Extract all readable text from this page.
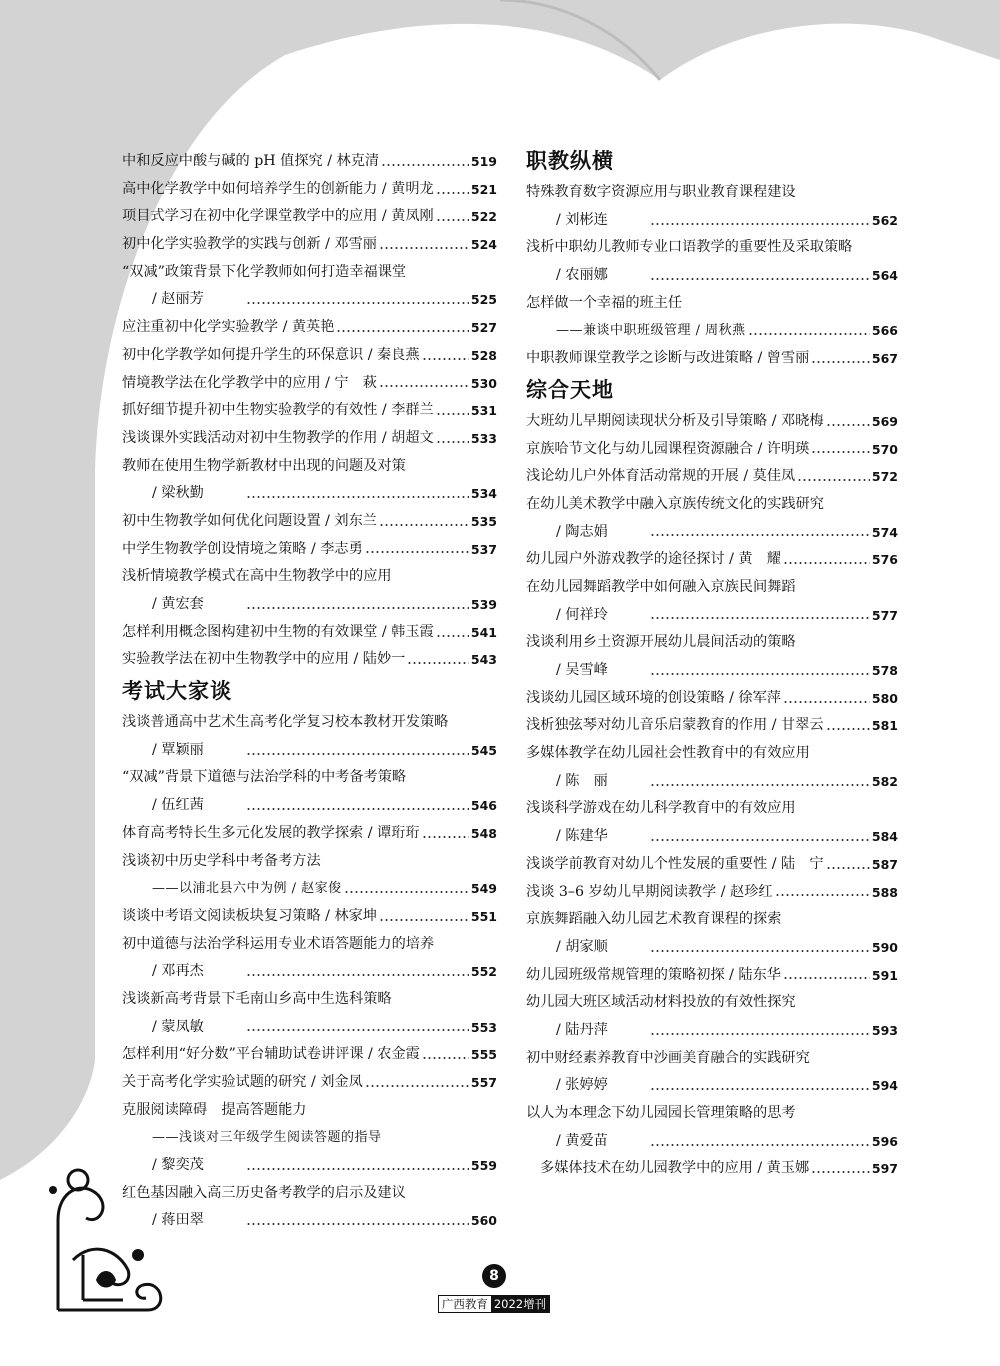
中和反应中酸与碱的 pH 值探究 / 林克清	519
高中化学教学中如何培养学生的创新能力 / 黄明龙	521
项目式学习在初中化学课堂教学中的应用 / 黄凤刚	522
初中化学实验教学的实践与创新 / 邓雪丽	524
“双减”政策背景下化学教师如何打造幸福课堂
/ 赵丽芳	525
应注重初中化学实验教学 / 黄英艳	527
初中化学教学如何提升学生的环保意识 / 秦良燕	528
情境教学法在化学教学中的应用 / 宁　萩	530
抓好细节提升初中生物实验教学的有效性 / 李群兰	531
浅谈课外实践活动对初中生物教学的作用 / 胡超文	533
教师在使用生物学新教材中出现的问题及对策
/ 梁秋勤	534
初中生物教学如何优化问题设置 / 刘东兰	535
中学生物教学创设情境之策略 / 李志勇	537
浅析情境教学模式在高中生物教学中的应用
/ 黄宏套	539
怎样利用概念图构建初中生物的有效课堂 / 韩玉霞	541
实验教学法在初中生物教学中的应用 / 陆妙一	543
考试大家谈
浅谈普通高中艺术生高考化学复习校本教材开发策略
/ 覃颖丽	545
“双减”背景下道德与法治学科的中考备考策略
/ 伍红茜	546
体育高考特长生多元化发展的教学探索 / 谭珩珩	548
浅谈初中历史学科中考备考方法
——以浦北县六中为例 / 赵家俊	549
谈谈中考语文阅读板块复习策略 / 林家坤	551
初中道德与法治学科运用专业术语答题能力的培养
/ 邓再杰	552
浅谈新高考背景下毛南山乡高中生选科策略
/ 蒙凤敏	553
怎样利用“好分数”平台辅助试卷讲评课 / 农金霞	555
关于高考化学实验试题的研究 / 刘金凤	557
克服阅读障碍　提高答题能力
——浅谈对三年级学生阅读答题的指导
/ 黎奕茂	559
红色基因融入高三历史备考教学的启示及建议
/ 蒋田翠	560
职教纵横
特殊教育数字资源应用与职业教育课程建设
/ 刘彬连	562
浅析中职幼儿教师专业口语教学的重要性及采取策略
/ 农丽娜	564
怎样做一个幸福的班主任
——兼谈中职班级管理 / 周秋燕	566
中职教师课堂教学之诊断与改进策略 / 曾雪丽	567
综合天地
大班幼儿早期阅读现状分析及引导策略 / 邓晓梅	569
京族哈节文化与幼儿园课程资源融合 / 许明瑛	570
浅论幼儿户外体育活动常规的开展 / 莫佳凤	572
在幼儿美术教学中融入京族传统文化的实践研究
/ 陶志娟	574
幼儿园户外游戏教学的途径探讨 / 黄　耀	576
在幼儿园舞蹈教学中如何融入京族民间舞蹈
/ 何祥玲	577
浅谈利用乡土资源开展幼儿晨间活动的策略
/ 吴雪峰	578
浅谈幼儿园区域环境的创设策略 / 徐军萍	580
浅析独弦琴对幼儿音乐启蒙教育的作用 / 甘翠云	581
多媒体教学在幼儿园社会性教育中的有效应用
/ 陈　丽	582
浅谈科学游戏在幼儿科学教育中的有效应用
/ 陈建华	584
浅谈学前教育对幼儿个性发展的重要性 / 陆　宁	587
浅谈 3–6 岁幼儿早期阅读教学 / 赵珍红	588
京族舞蹈融入幼儿园艺术教育课程的探索
/ 胡家顺	590
幼儿园班级常规管理的策略初探 / 陆东华	591
幼儿园大班区域活动材料投放的有效性探究
/ 陆丹萍	593
初中财经素养教育中沙画美育融合的实践研究
/ 张婷婷	594
以人为本理念下幼儿园园长管理策略的思考
/ 黄爱苗	596
多媒体技术在幼儿园教学中的应用 / 黄玉娜	597
8
广西教育 2022增刊
